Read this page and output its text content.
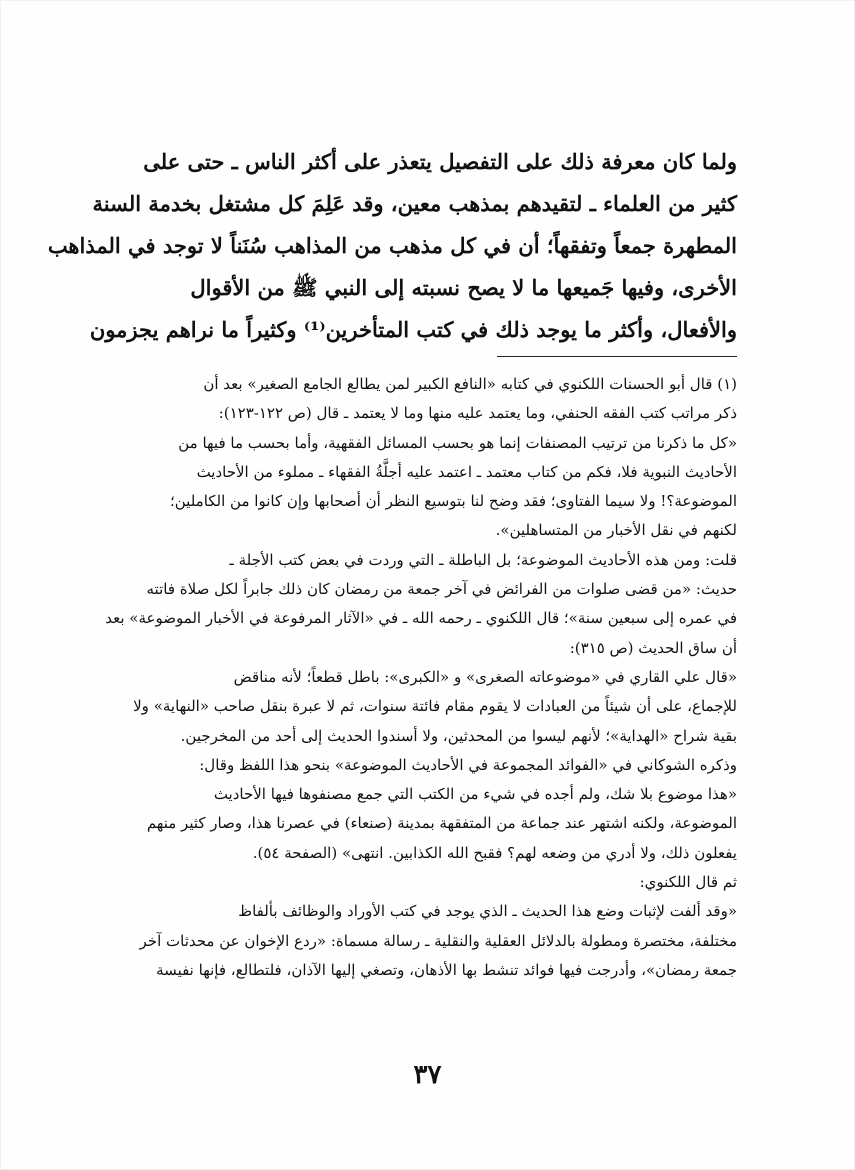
ولما كان معرفة ذلك على التفصيل يتعذر على أكثر الناس ـ حتى على
كثير من العلماء ـ لتقيدهم بمذهب معين، وقد عَلِمَ كل مشتغل بخدمة السنة
المطهرة جمعاً وتفقهاً؛ أن في كل مذهب من المذاهب سُنَناً لا توجد في المذاهب
الأخرى، وفيها جَميعها ما لا يصح نسبته إلى النبي ﷺ من الأقوال
والأفعال، وأكثر ما يوجد ذلك في كتب المتأخرين⁽¹⁾ وكثيراً ما نراهم يجزمون
(١) قال أبو الحسنات اللكنوي في كتابه «النافع الكبير لمن يطالع الجامع الصغير» بعد أن
ذكر مراتب كتب الفقه الحنفي، وما يعتمد عليه منها وما لا يعتمد ـ قال (ص ١٢٢-١٢٣):
«كل ما ذكرنا من ترتيب المصنفات إنما هو بحسب المسائل الفقهية، وأما بحسب ما فيها من
الأحاديث النبوية فلا، فكم من كتاب معتمد ـ اعتمد عليه أجلَّةُ الفقهاء ـ مملوء من الأحاديث
الموضوعة؟! ولا سيما الفتاوى؛ فقد وضح لنا بتوسيع النظر أن أصحابها وإن كانوا من الكاملين؛
لكنهم في نقل الأخبار من المتساهلين».
قلت: ومن هذه الأحاديث الموضوعة؛ بل الباطلة ـ التي وردت في بعض كتب الأجلة ـ
حديث: «من قضى صلوات من الفرائض في آخر جمعة من رمضان كان ذلك جابراً لكل صلاة فاتته
في عمره إلى سبعين سنة»؛ قال اللكنوي ـ رحمه الله ـ في «الآثار المرفوعة في الأخبار الموضوعة» بعد
أن ساق الحديث (ص ٣١٥):
«قال علي القاري في «موضوعاته الصغرى» و «الكبرى»: باطل قطعاً؛ لأنه مناقض
للإجماع، على أن شيئاً من العبادات لا يقوم مقام فائتة سنوات، ثم لا عبرة بنقل صاحب «النهاية» ولا
بقية شراح «الهداية»؛ لأنهم ليسوا من المحدثين، ولا أسندوا الحديث إلى أحد من المخرجين.
وذكره الشوكاني في «الفوائد المجموعة في الأحاديث الموضوعة» بنحو هذا اللفظ وقال:
«هذا موضوع بلا شك، ولم أجده في شيء من الكتب التي جمع مصنفوها فيها الأحاديث
الموضوعة، ولكنه اشتهر عند جماعة من المتفقهة بمدينة (صنعاء) في عصرنا هذا، وصار كثير منهم
يفعلون ذلك، ولا أدري من وضعه لهم؟ فقبح الله الكذابين. انتهى» (الصفحة ٥٤).
ثم قال اللكنوي:
«وقد ألفت لإثبات وضع هذا الحديث ـ الذي يوجد في كتب الأوراد والوظائف بألفاظ
مختلفة، مختصرة ومطولة بالدلائل العقلية والنقلية ـ رسالة مسماة: «ردع الإخوان عن محدثات آخر
جمعة رمضان»، وأدرجت فيها فوائد تنشط بها الأذهان، وتصغي إليها الآذان، فلتطالع، فإنها نفيسة
٣٧
